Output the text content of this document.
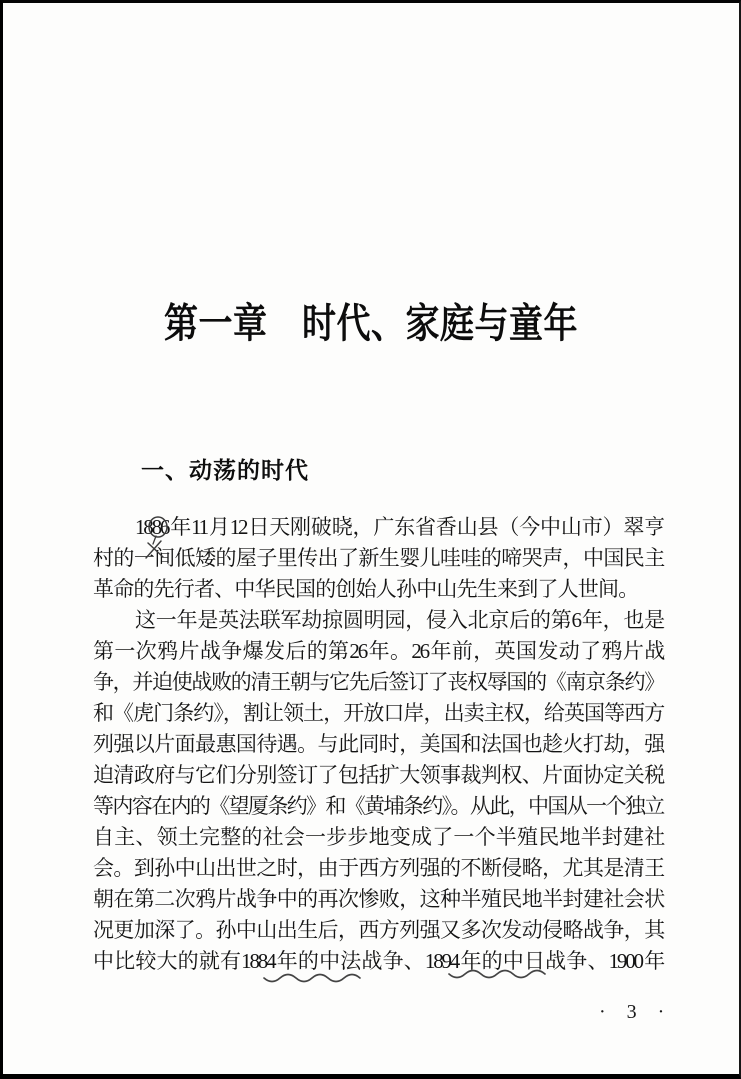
第一章　时代、家庭与童年
一、动荡的时代
1886年11月12日天刚破晓，广东省香山县（今中山市）翠亨
村的一间低矮的屋子里传出了新生婴儿哇哇的啼哭声，中国民主
革命的先行者、中华民国的创始人孙中山先生来到了人世间。
这一年是英法联军劫掠圆明园，侵入北京后的第6年，也是
第一次鸦片战争爆发后的第26年。26年前，英国发动了鸦片战
争，并迫使战败的清王朝与它先后签订了丧权辱国的《南京条约》
和《虎门条约》，割让领土，开放口岸，出卖主权，给英国等西方
列强以片面最惠国待遇。与此同时，美国和法国也趁火打劫，强
迫清政府与它们分别签订了包括扩大领事裁判权、片面协定关税
等内容在内的《望厦条约》和《黄埔条约》。从此，中国从一个独立
自主、领土完整的社会一步步地变成了一个半殖民地半封建社
会。到孙中山出世之时，由于西方列强的不断侵略，尤其是清王
朝在第二次鸦片战争中的再次惨败，这种半殖民地半封建社会状
况更加深了。孙中山出生后，西方列强又多次发动侵略战争，其
中比较大的就有1884年的中法战争、1894年的中日战争、1900年
· 3 ·
